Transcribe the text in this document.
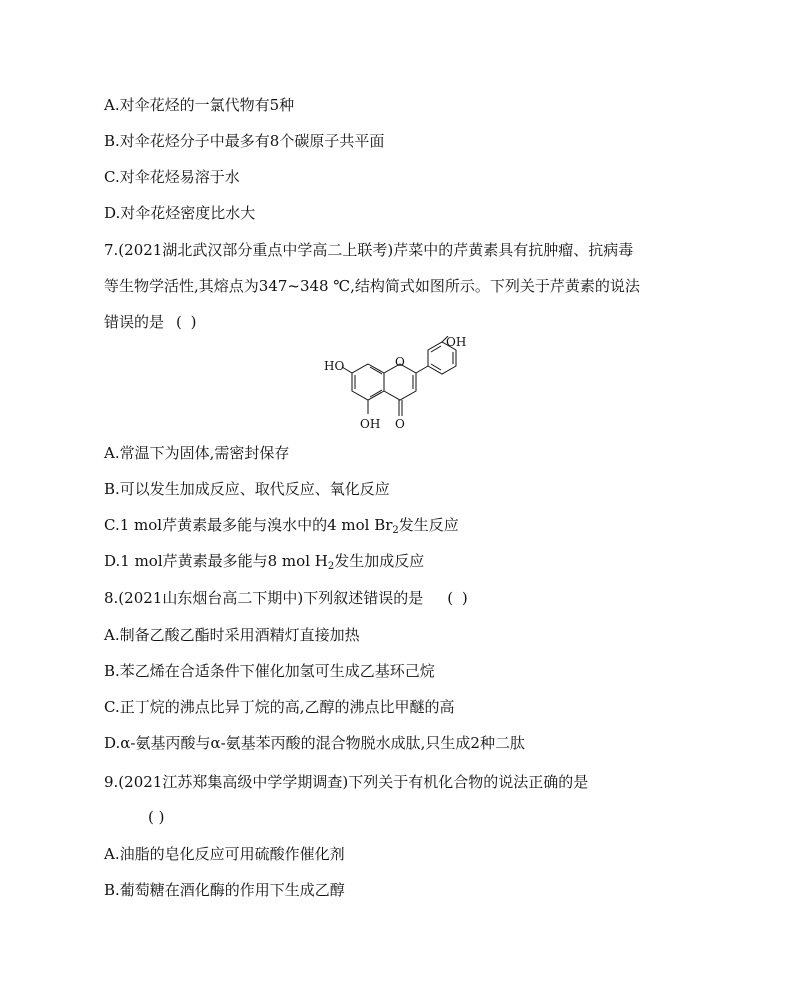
A.对伞花烃的一氯代物有5种
B.对伞花烃分子中最多有8个碳原子共平面
C.对伞花烃易溶于水
D.对伞花烃密度比水大
7.(2021湖北武汉部分重点中学高二上联考)芹菜中的芹黄素具有抗肿瘤、抗病毒
等生物学活性,其熔点为347~348 ℃,结构简式如图所示。下列关于芹黄素的说法
错误的是 ( )
OH
HO	O
OH O
A.常温下为固体,需密封保存
B.可以发生加成反应、取代反应、氧化反应
C.1 mol芹黄素最多能与溴水中的4 mol $Br_2$发生反应
D.1 mol芹黄素最多能与8 mol $H_2$发生加成反应
8.(2021山东烟台高二下期中)下列叙述错误的是 ( )
A.制备乙酸乙酯时采用酒精灯直接加热
B.苯乙烯在合适条件下催化加氢可生成乙基环己烷
C.正丁烷的沸点比异丁烷的高,乙醇的沸点比甲醚的高
D.α-氨基丙酸与α-氨基苯丙酸的混合物脱水成肽,只生成2种二肽
9.(2021江苏郑集高级中学学期调查)下列关于有机化合物的说法正确的是
( )
A.油脂的皂化反应可用硫酸作催化剂
B.葡萄糖在酒化酶的作用下生成乙醇
